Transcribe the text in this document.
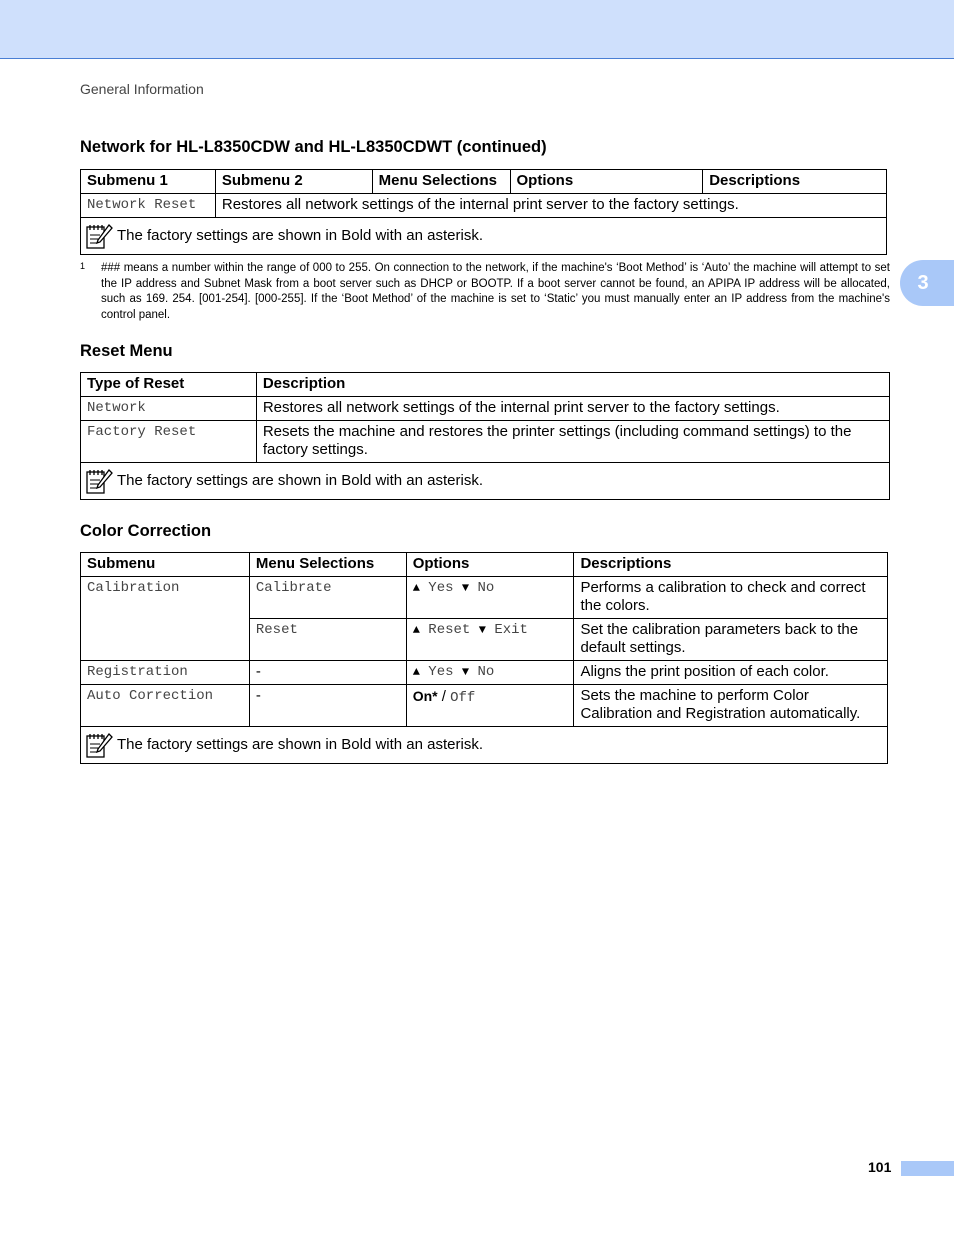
General Information
3
Network for HL-L8350CDW and HL-L8350CDWT (continued)
Submenu 1	Submenu 2	Menu Selections	Options	Descriptions
Network Reset	Restores all network settings of the internal print server to the factory settings.			

The factory settings are shown in Bold with an asterisk.				
1 ### means a number within the range of 000 to 255. On connection to the network, if the machine's ‘Boot Method’ is ‘Auto’ the machine will attempt to set the IP address and Subnet Mask from a boot server such as DHCP or BOOTP. If a boot server cannot be found, an APIPA IP address will be allocated, such as 169. 254. [001-254]. [000-255]. If the ‘Boot Method’ of the machine is set to ‘Static’ you must manually enter an IP address from the machine's control panel.
Reset Menu
Type of Reset	Description
Network	Restores all network settings of the internal print server to the factory settings.
Factory Reset	Resets the machine and restores the printer settings (including command settings) to the factory settings.

The factory settings are shown in Bold with an asterisk.	
Color Correction
Submenu	Menu Selections	Options	Descriptions
Calibration	Calibrate	▲ Yes ▼ No	Performs a calibration to check and correct the colors.
	Reset	▲ Reset ▼ Exit	Set the calibration parameters back to the default settings.
Registration	-	▲ Yes ▼ No	Aligns the print position of each color.
Auto Correction	-	On* / Off	Sets the machine to perform Color Calibration and Registration automatically.

The factory settings are shown in Bold with an asterisk.			
101
